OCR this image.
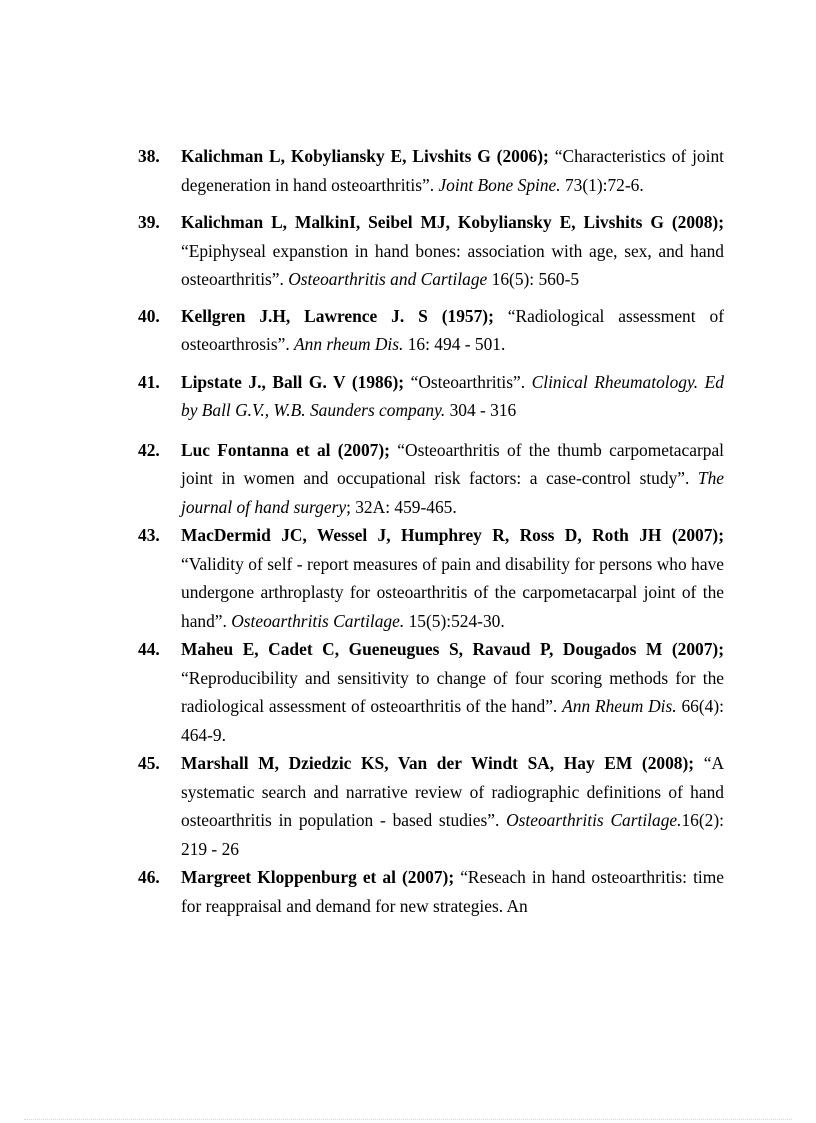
38. Kalichman L, Kobyliansky E, Livshits G (2006); “Characteristics of joint degeneration in hand osteoarthritis”. Joint Bone Spine. 73(1):72-6.
39. Kalichman L, MalkinI, Seibel MJ, Kobyliansky E, Livshits G (2008); “Epiphyseal expanstion in hand bones: association with age, sex, and hand osteoarthritis”. Osteoarthritis and Cartilage 16(5): 560-5
40. Kellgren J.H, Lawrence J. S (1957); “Radiological assessment of osteoarthrosis”. Ann rheum Dis. 16: 494 - 501.
41. Lipstate J., Ball G. V (1986); “Osteoarthritis”. Clinical Rheumatology. Ed by Ball G.V., W.B. Saunders company. 304 - 316
42. Luc Fontanna et al (2007); “Osteoarthritis of the thumb carpometacarpal joint in women and occupational risk factors: a case-control study”. The journal of hand surgery; 32A: 459-465.
43. MacDermid JC, Wessel J, Humphrey R, Ross D, Roth JH (2007); “Validity of self - report measures of pain and disability for persons who have undergone arthroplasty for osteoarthritis of the carpometacarpal joint of the hand”. Osteoarthritis Cartilage. 15(5):524-30.
44. Maheu E, Cadet C, Gueneugues S, Ravaud P, Dougados M (2007); “Reproducibility and sensitivity to change of four scoring methods for the radiological assessment of osteoarthritis of the hand”. Ann Rheum Dis. 66(4): 464-9.
45. Marshall M, Dziedzic KS, Van der Windt SA, Hay EM (2008); “A systematic search and narrative review of radiographic definitions of hand osteoarthritis in population - based studies”. Osteoarthritis Cartilage.16(2): 219 - 26
46. Margreet Kloppenburg et al (2007); “Reseach in hand osteoarthritis: time for reappraisal and demand for new strategies. An
